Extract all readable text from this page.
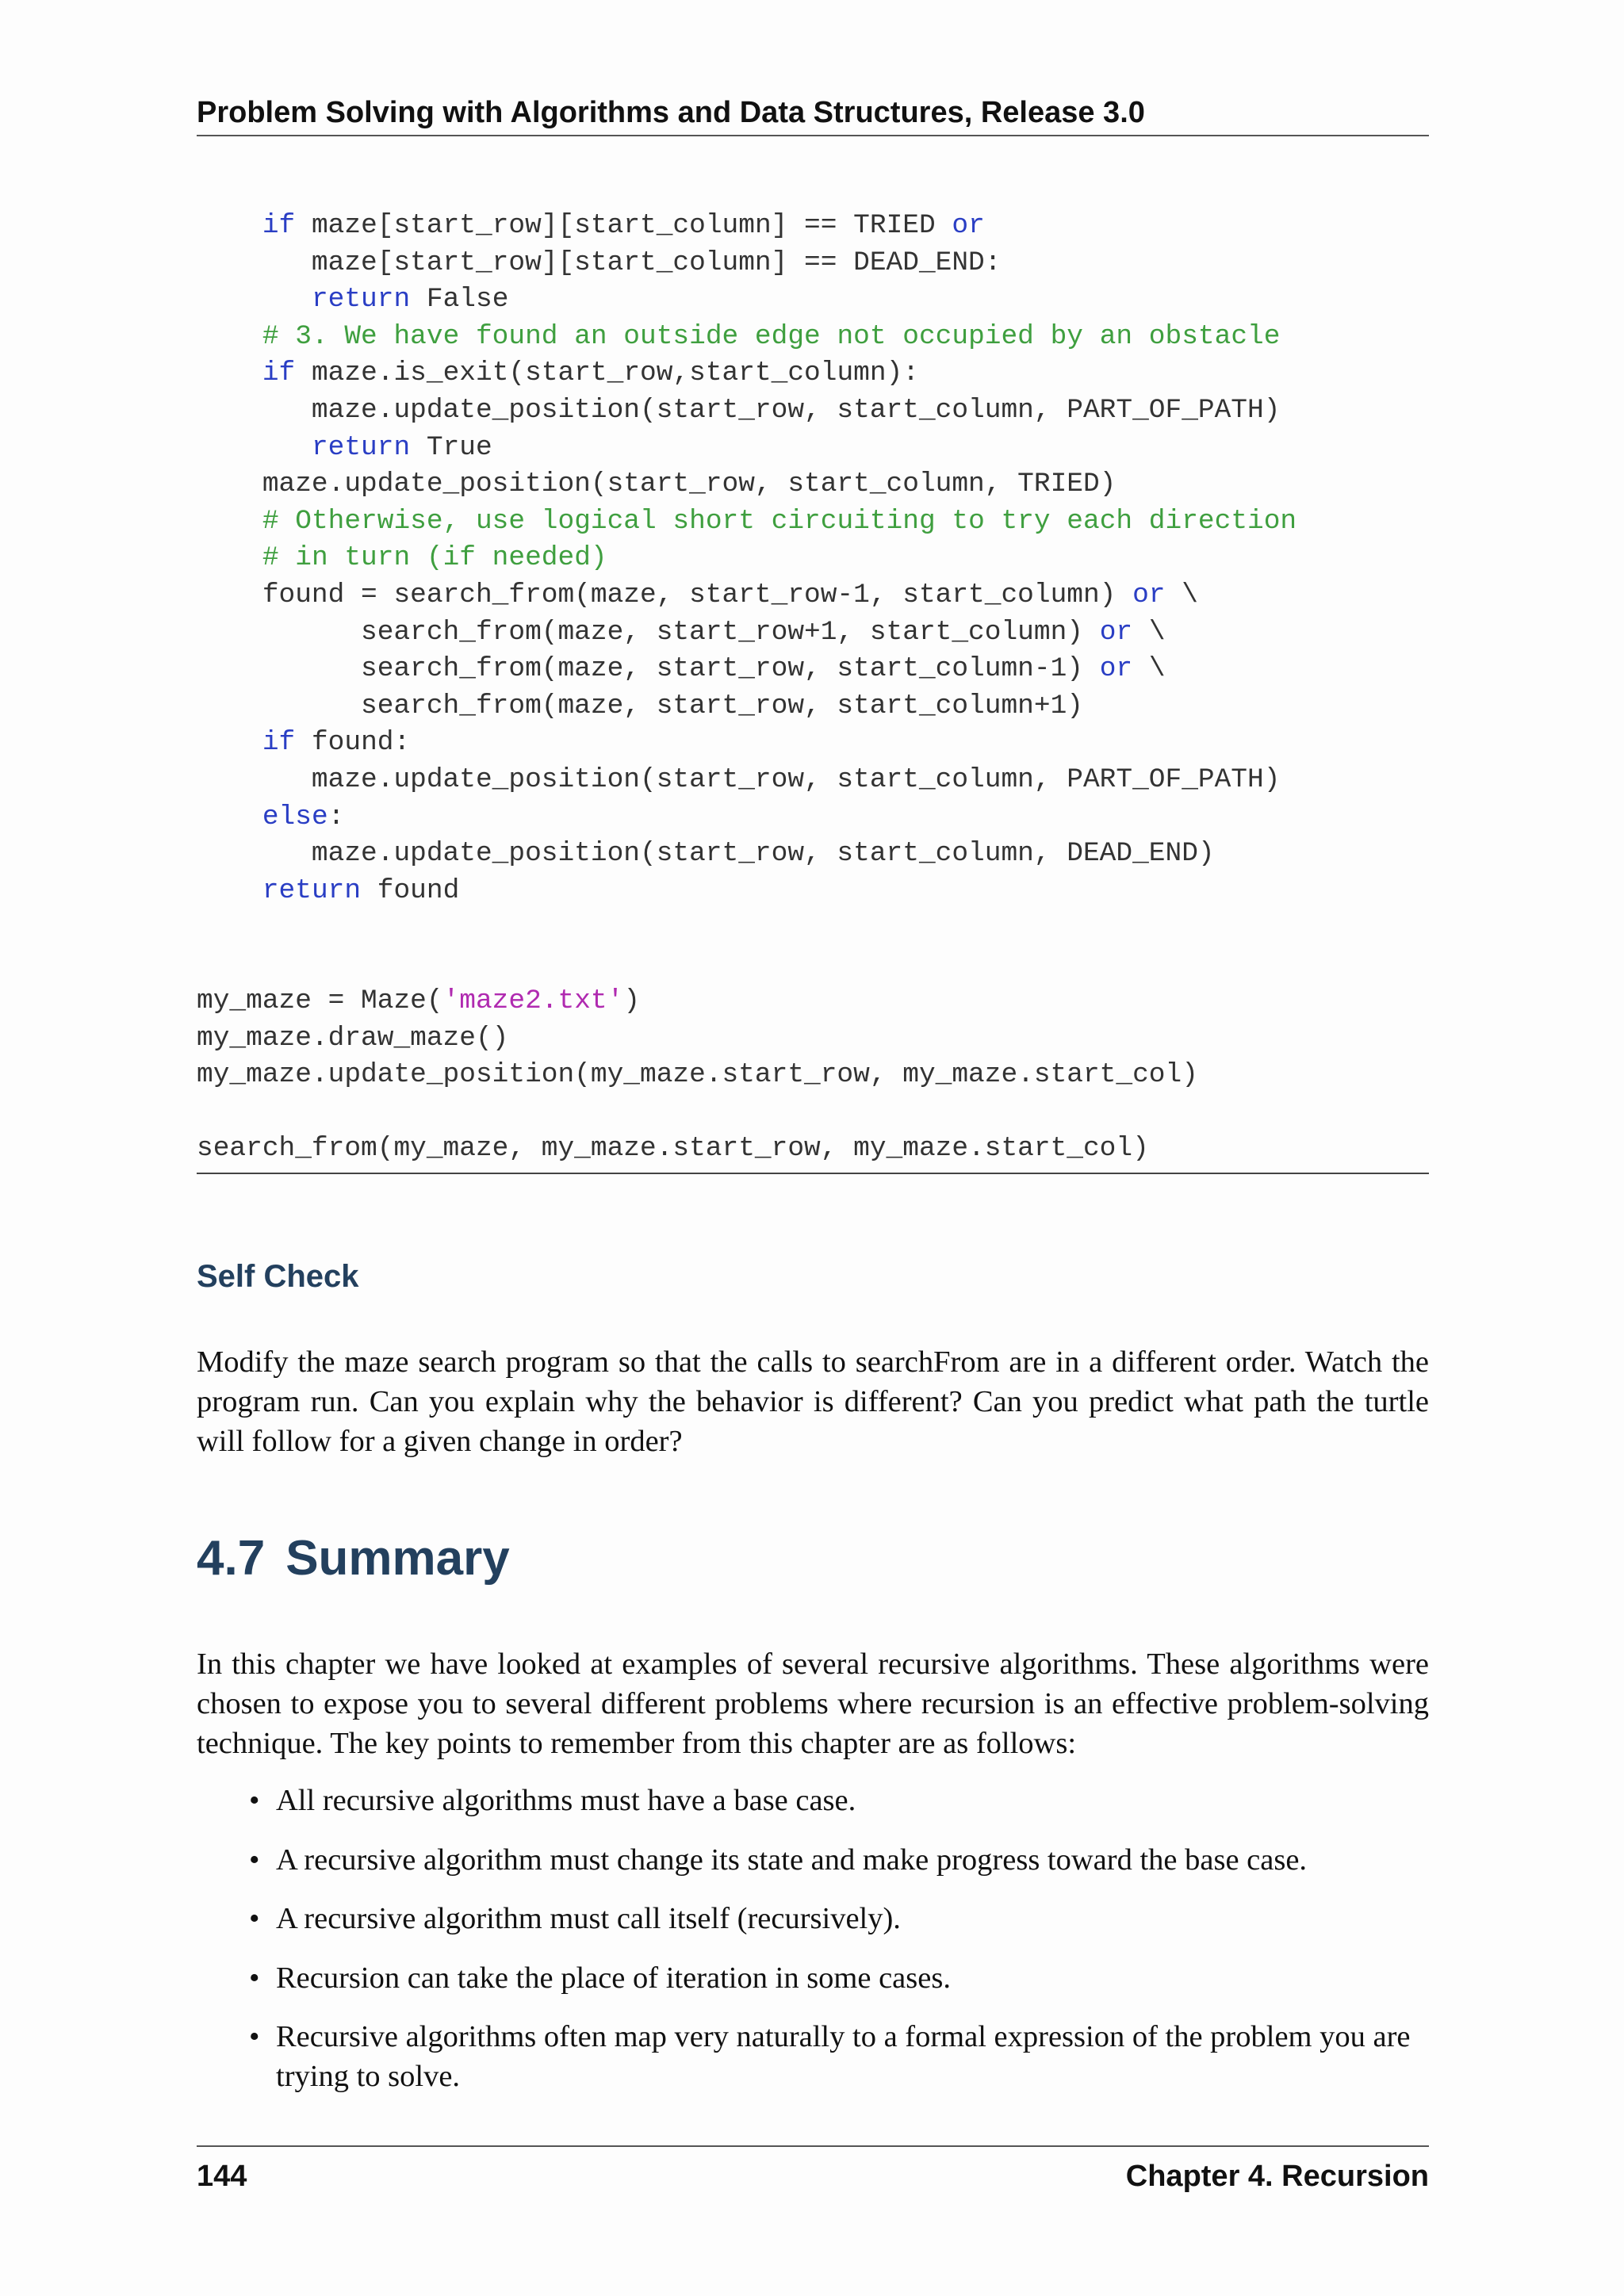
Problem Solving with Algorithms and Data Structures, Release 3.0
if maze[start_row][start_column] == TRIED or
maze[start_row][start_column] == DEAD_END:
return False
# 3. We have found an outside edge not occupied by an obstacle
if maze.is_exit(start_row,start_column):
maze.update_position(start_row, start_column, PART_OF_PATH)
return True
maze.update_position(start_row, start_column, TRIED)
# Otherwise, use logical short circuiting to try each direction
# in turn (if needed)
found = search_from(maze, start_row-1, start_column) or \
search_from(maze, start_row+1, start_column) or \
search_from(maze, start_row, start_column-1) or \
search_from(maze, start_row, start_column+1)
if found:
maze.update_position(start_row, start_column, PART_OF_PATH)
else:
maze.update_position(start_row, start_column, DEAD_END)
return found
my_maze = Maze('maze2.txt')
my_maze.draw_maze()
my_maze.update_position(my_maze.start_row, my_maze.start_col)
search_from(my_maze, my_maze.start_row, my_maze.start_col)
Self Check

Modify the maze search program so that the calls to searchFrom are in a different order. Watch the program run. Can you explain why the behavior is different? Can you predict what path the turtle will follow for a given change in order?

4.7 Summary

In this chapter we have looked at examples of several recursive algorithms. These algorithms were chosen to expose you to several different problems where recursion is an effective problem-solving technique. The key points to remember from this chapter are as follows:

• All recursive algorithms must have a base case.
• A recursive algorithm must change its state and make progress toward the base case.
• A recursive algorithm must call itself (recursively).
• Recursion can take the place of iteration in some cases.
• Recursive algorithms often map very naturally to a formal expression of the problem you are trying to solve.
144	Chapter 4. Recursion
